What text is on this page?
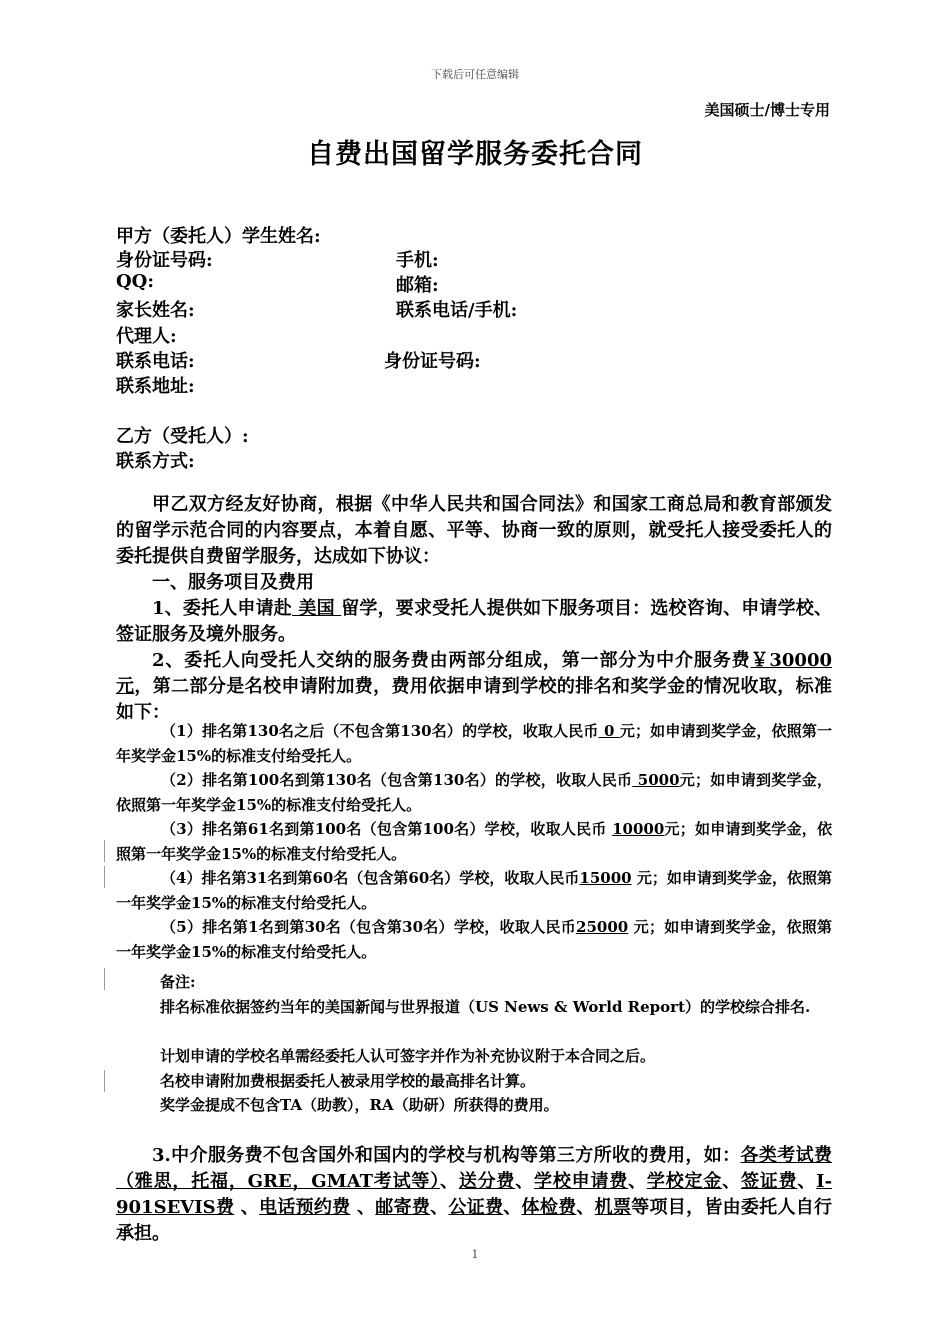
下载后可任意编辑
美国硕士/博士专用
自费出国留学服务委托合同
甲方（委托人）学生姓名:
身份证号码:	手机:
QQ:	邮箱:
家长姓名:	联系电话/手机:
代理人:
联系电话:	身份证号码:
联系地址:
乙方（受托人）:
联系方式:

甲乙双方经友好协商，根据《中华人民共和国合同法》和国家工商总局和教育部颁发的留学示范合同的内容要点，本着自愿、平等、协商一致的原则，就受托人接受委托人的委托提供自费留学服务，达成如下协议：

一、服务项目及费用

1、委托人申请赴 美国 留学，要求受托人提供如下服务项目：选校咨询、申请学校、签证服务及境外服务。

2、委托人向受托人交纳的服务费由两部分组成，第一部分为中介服务费￥30000元，第二部分是名校申请附加费，费用依据申请到学校的排名和奖学金的情况收取，标准如下：

（1）排名第130名之后（不包含第130名）的学校，收取人民币 0 元；如申请到奖学金，依照第一年奖学金15%的标准支付给受托人。

（2）排名第100名到第130名（包含第130名）的学校，收取人民币 5000元；如申请到奖学金，依照第一年奖学金15%的标准支付给受托人。

（3）排名第61名到第100名（包含第100名）学校，收取人民币 10000元；如申请到奖学金，依照第一年奖学金15%的标准支付给受托人。

（4）排名第31名到第60名（包含第60名）学校，收取人民币15000 元；如申请到奖学金，依照第一年奖学金15%的标准支付给受托人。

（5）排名第1名到第30名（包含第30名）学校，收取人民币25000 元；如申请到奖学金，依照第一年奖学金15%的标准支付给受托人。

备注:

排名标准依据签约当年的美国新闻与世界报道（US News & World Report）的学校综合排名.

计划申请的学校名单需经委托人认可签字并作为补充协议附于本合同之后。

名校申请附加费根据委托人被录用学校的最高排名计算。

奖学金提成不包含TA（助教），RA（助研）所获得的费用。

3.中介服务费不包含国外和国内的学校与机构等第三方所收的费用，如：各类考试费（雅思，托福，GRE，GMAT考试等）、送分费、学校申请费、学校定金、签证费、I-901SEVIS费 、电话预约费 、邮寄费、公证费、体检费、机票等项目，皆由委托人自行承担。

1
